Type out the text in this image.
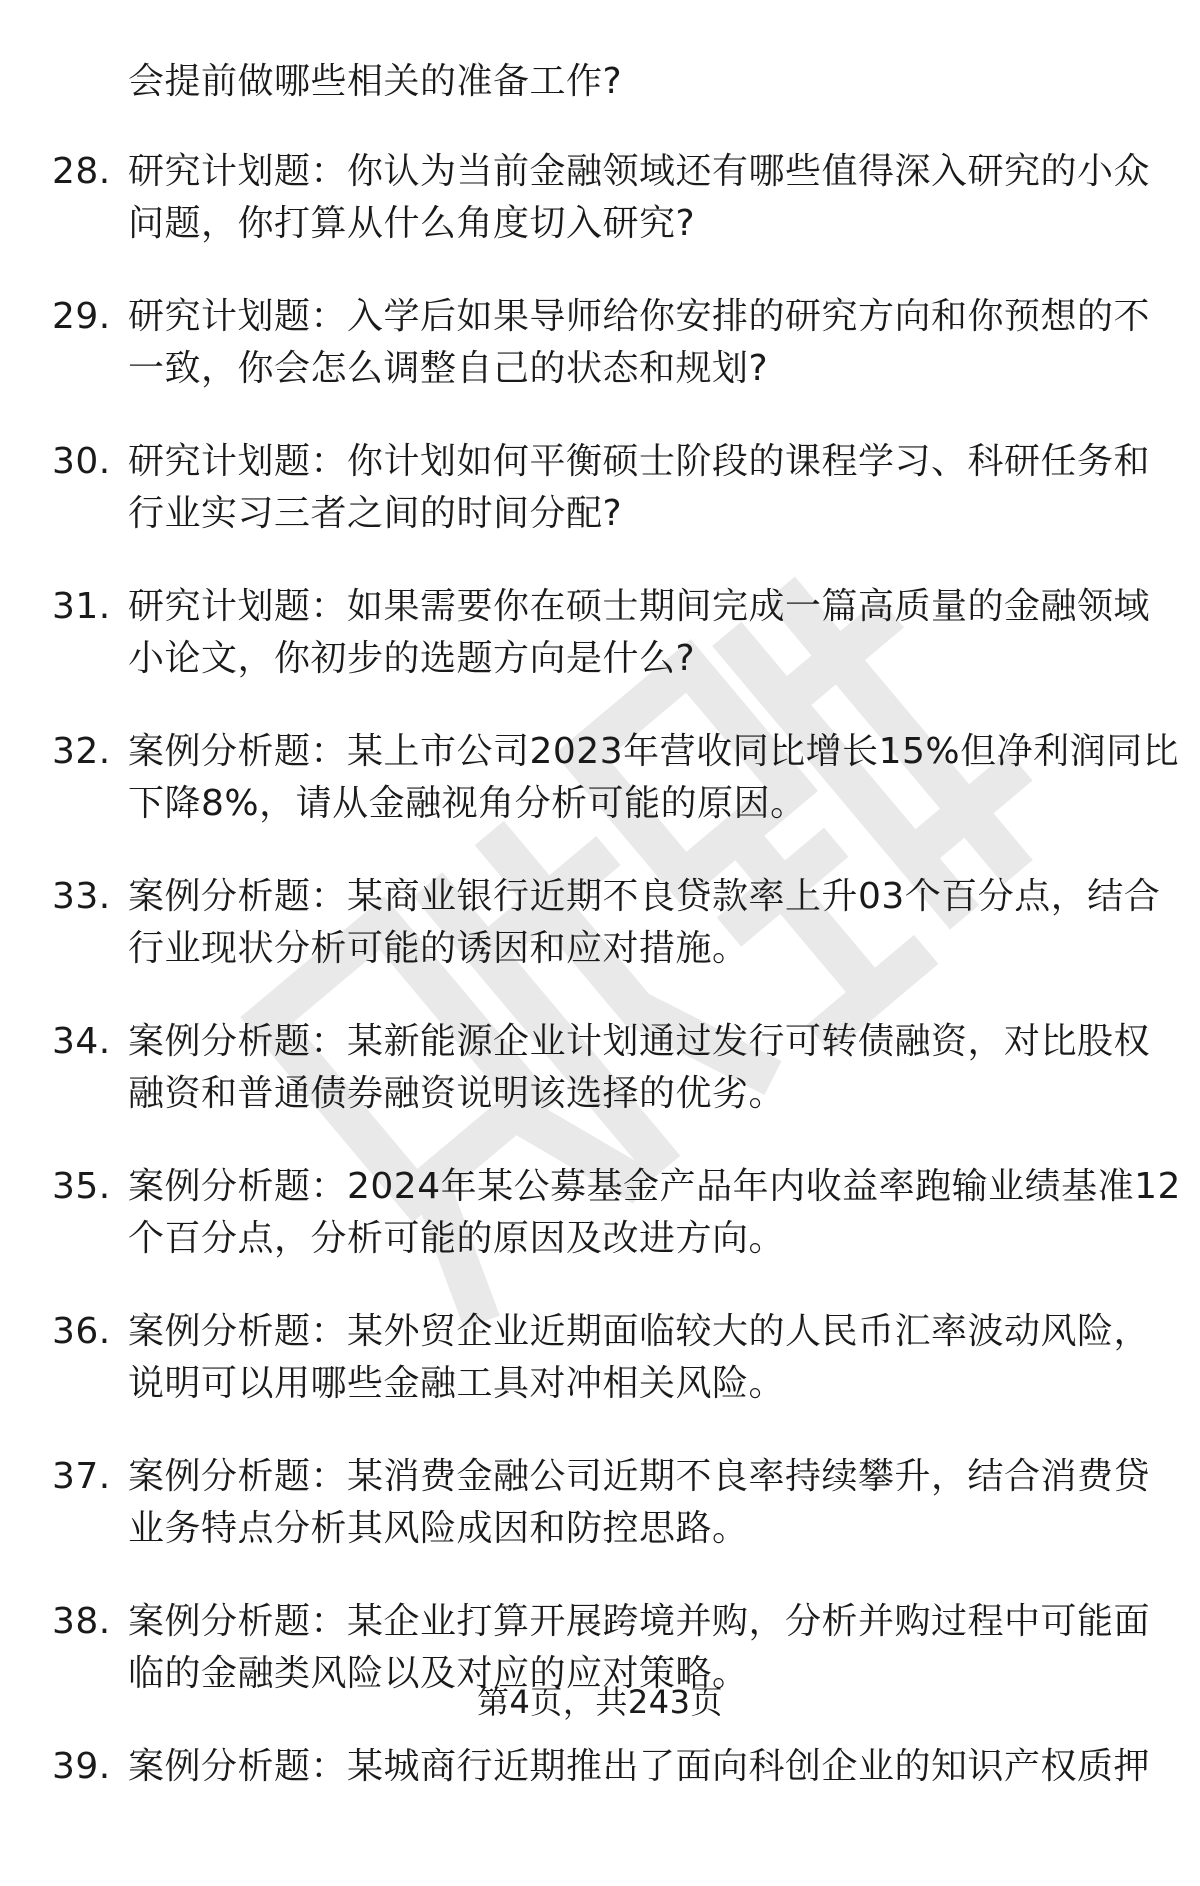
会提前做哪些相关的准备工作?
28. 研究计划题：你认为当前金融领域还有哪些值得深入研究的小众
问题，你打算从什么角度切入研究?
29. 研究计划题：入学后如果导师给你安排的研究方向和你预想的不
一致，你会怎么调整自己的状态和规划?
30. 研究计划题：你计划如何平衡硕士阶段的课程学习、科研任务和
行业实习三者之间的时间分配?
31. 研究计划题：如果需要你在硕士期间完成一篇高质量的金融领域
小论文，你初步的选题方向是什么?
32. 案例分析题：某上市公司2023年营收同比增长15%但净利润同比
下降8%，请从金融视角分析可能的原因。
33. 案例分析题：某商业银行近期不良贷款率上升03个百分点，结合
行业现状分析可能的诱因和应对措施。
34. 案例分析题：某新能源企业计划通过发行可转债融资，对比股权
融资和普通债券融资说明该选择的优劣。
35. 案例分析题：2024年某公募基金产品年内收益率跑输业绩基准12
个百分点，分析可能的原因及改进方向。
36. 案例分析题：某外贸企业近期面临较大的人民币汇率波动风险，
说明可以用哪些金融工具对冲相关风险。
37. 案例分析题：某消费金融公司近期不良率持续攀升，结合消费贷
业务特点分析其风险成因和防控思路。
38. 案例分析题：某企业打算开展跨境并购，分析并购过程中可能面
临的金融类风险以及对应的应对策略。
39. 案例分析题：某城商行近期推出了面向科创企业的知识产权质押
第4页，共243页
